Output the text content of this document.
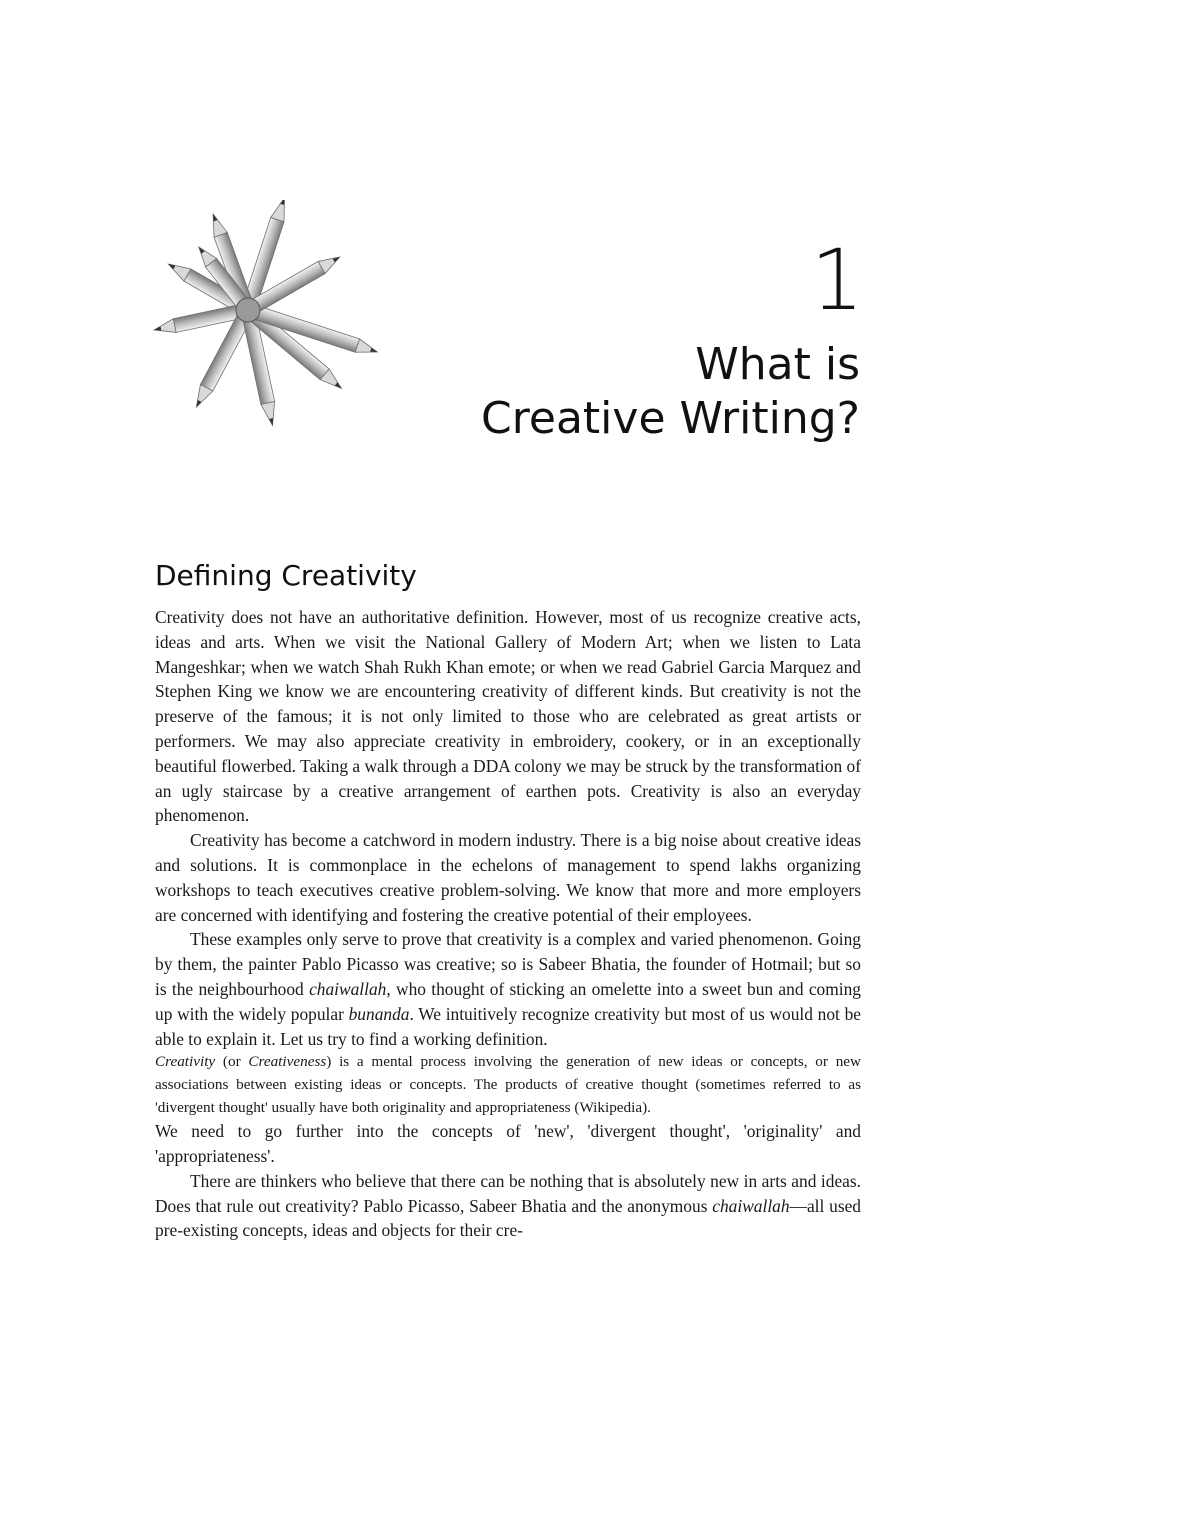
1
What is
Creative Writing?
Defining Creativity

Creativity does not have an authoritative definition. However, most of us recognize creative acts, ideas and arts. When we visit the National Gallery of Modern Art; when we listen to Lata Mangeshkar; when we watch Shah Rukh Khan emote; or when we read Gabriel Garcia Marquez and Stephen King we know we are encountering creativity of different kinds. But creativity is not the preserve of the famous; it is not only limited to those who are celebrated as great artists or performers. We may also appreciate creativity in embroidery, cookery, or in an exceptionally beautiful flowerbed. Taking a walk through a DDA colony we may be struck by the transformation of an ugly staircase by a creative arrangement of earthen pots. Creativity is also an everyday phenomenon.

Creativity has become a catchword in modern industry. There is a big noise about creative ideas and solutions. It is commonplace in the echelons of management to spend lakhs organizing workshops to teach executives creative problem-solving. We know that more and more employers are concerned with identifying and fostering the creative potential of their employees.

These examples only serve to prove that creativity is a complex and varied phenomenon. Going by them, the painter Pablo Picasso was creative; so is Sabeer Bhatia, the founder of Hotmail; but so is the neighbourhood chaiwallah, who thought of sticking an omelette into a sweet bun and coming up with the widely popular bunanda. We intuitively recognize creativity but most of us would not be able to explain it. Let us try to find a working definition.

Creativity (or Creativeness) is a mental process involving the generation of new ideas or concepts, or new associations between existing ideas or concepts. The products of creative thought (sometimes referred to as 'divergent thought' usually have both originality and appropriateness (Wikipedia).

We need to go further into the concepts of 'new', 'divergent thought', 'originality' and 'appropriateness'.

There are thinkers who believe that there can be nothing that is absolutely new in arts and ideas. Does that rule out creativity? Pablo Picasso, Sabeer Bhatia and the anonymous chaiwallah—all used pre-existing concepts, ideas and objects for their cre-
